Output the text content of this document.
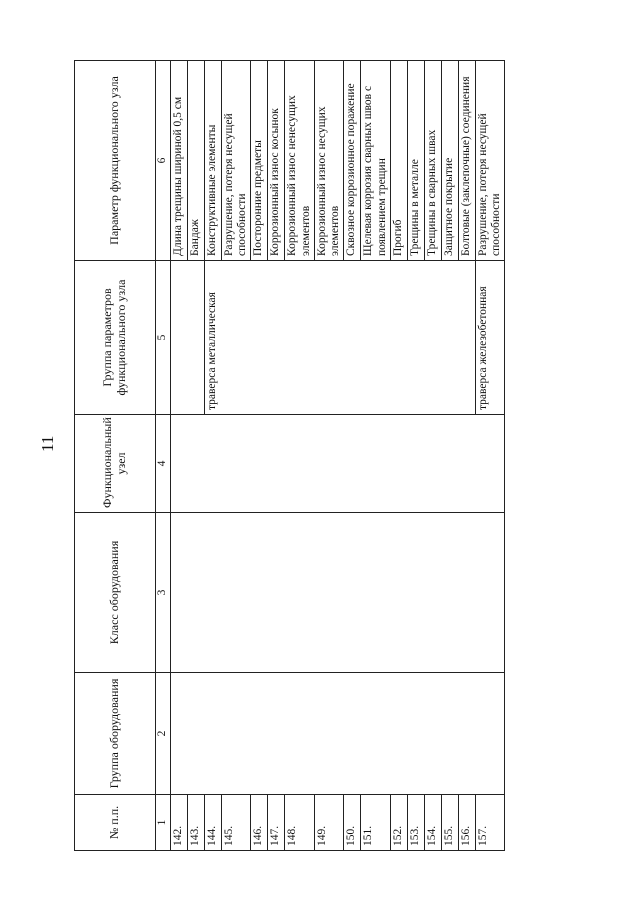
11
№ п.п.	Группа оборудования	Класс оборудования	Функциональный узел	Группа параметров функционального узла	Параметр функционального узла
1	2	3	4	5	6
142.					Длина трещины шириной 0,5 см
143.					Бандаж
144.				траверса металлическая	Конструктивные элементы
145.					Разрушение, потеря несущей способности
146.					Посторонние предметы
147.					Коррозионный износ косынок
148.					Коррозионный износ ненесущих элементов
149.					Коррозионный износ несущих элементов
150.					Сквозное коррозионное поражение
151.					Щелевая коррозия сварных швов с появлением трещин
152.					Прогиб
153.					Трещины в металле
154.					Трещины в сварных швах
155.					Защитное покрытие
156.					Болтовые (заклепочные) соединения
157.				траверса железобетонная	Разрушение, потеря несущей способности
